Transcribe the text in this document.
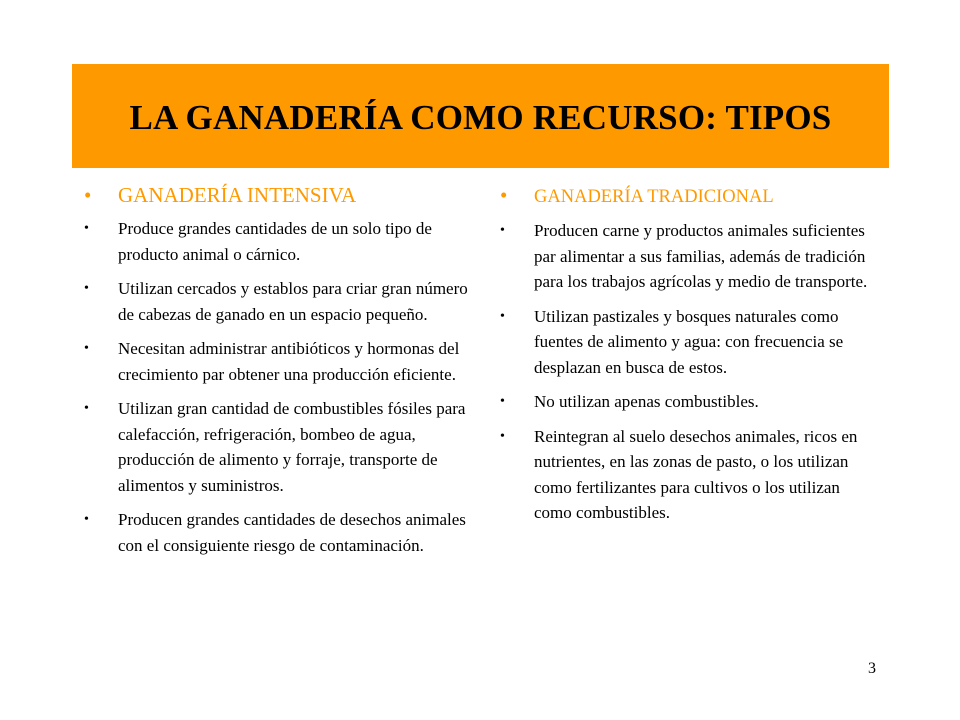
LA GANADERÍA COMO RECURSO: TIPOS
•	GANADERÍA INTENSIVA
•	Produce grandes cantidades de un solo tipo de producto animal o cárnico.
•	Utilizan cercados y establos para criar gran número de cabezas de ganado en un espacio pequeño.
•	Necesitan administrar antibióticos y hormonas del crecimiento par obtener una producción eficiente.
•	Utilizan gran cantidad de combustibles fósiles para calefacción, refrigeración, bombeo de agua, producción de alimento y forraje, transporte de alimentos y suministros.
•	Producen grandes cantidades de desechos animales con el consiguiente riesgo de contaminación.
•	GANADERÍA TRADICIONAL
•	Producen carne y productos animales suficientes par alimentar a sus familias, además de tradición para los trabajos agrícolas y medio de transporte.
•	Utilizan pastizales y bosques naturales como fuentes de alimento y agua: con frecuencia se desplazan en busca de estos.
•	No utilizan apenas combustibles.
•	Reintegran al suelo desechos animales, ricos en nutrientes, en las zonas de pasto, o los utilizan como fertilizantes para cultivos o los utilizan como combustibles.
3
